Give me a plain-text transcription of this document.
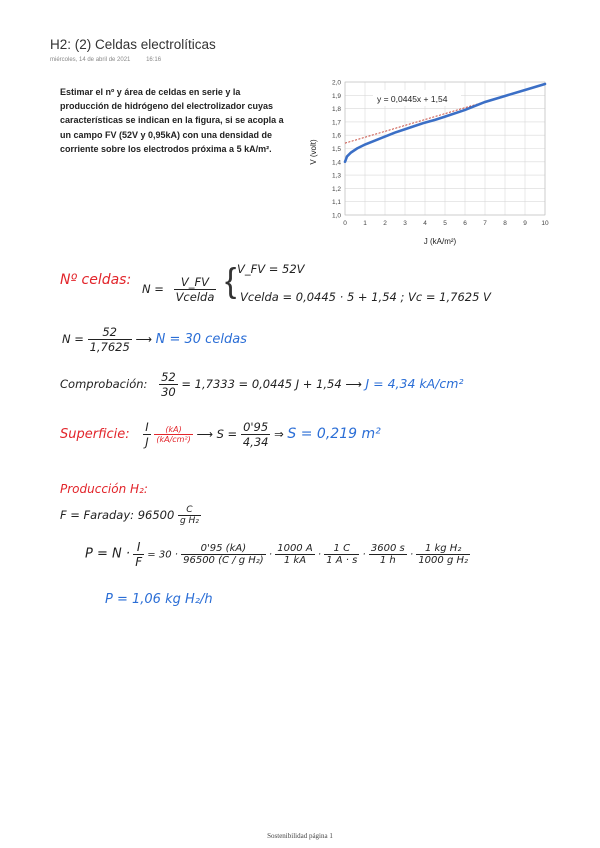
H2: (2) Celdas electrolíticas
miércoles, 14 de abril de 2021	16:16
Estimar el nº y área de celdas en serie y la producción de hidrógeno del electrolizador cuyas características se indican en la figura, si se acopla a un campo FV (52V y 0,95kA) con una densidad de corriente sobre los electrodos próxima a 5 kA/m².
1,0
1,1
1,2
1,3
1,4
1,5
1,6
1,7
1,8
1,9
2,0
0	1	2	3	4	5	6	7	8	9 10
J (kA/m²)
V (volt)
y = 0,0445x + 1,54
Nº celdas:
$N = \frac{V\_FV}{\text{Vcelda}}$ { V_FV = 52V
Vcelda = 0,0445 · 5 + 1,54 ; Vc = 1,7625 V
$N = \frac{52}{1,7625}$ ⟶ N = 30 celdas
Comprobación: $\frac{52}{30} = 1,7333 = 0,0445$ J + 1,54 ⟶ J = 4,34 kA/cm²
Superficie: $\frac{I}{J}$
$\frac{(kA)}{\text{(kA/cm²)}}$ ⟶ $S = \frac{0'95}{4,34}$ ⇒ S = 0,219 m²
Producción H₂:
F = Faraday: $96500 \frac{C}{\text{g H₂}}$
$P = N \cdot \frac{I}{F} = 30 \cdot \frac{0'95 (kA)}{\text{96500 (C / g H₂)}} \cdot \frac{1000 A}{1 kA} \cdot \frac{1 C}{1 A \cdot s} \cdot \frac{3600 s}{1 h} \cdot \frac{\text{1 kg H₂}}{\text{1000 g H₂}}$
P = 1,06 kg H₂/h
Sostenibilidad página 1
